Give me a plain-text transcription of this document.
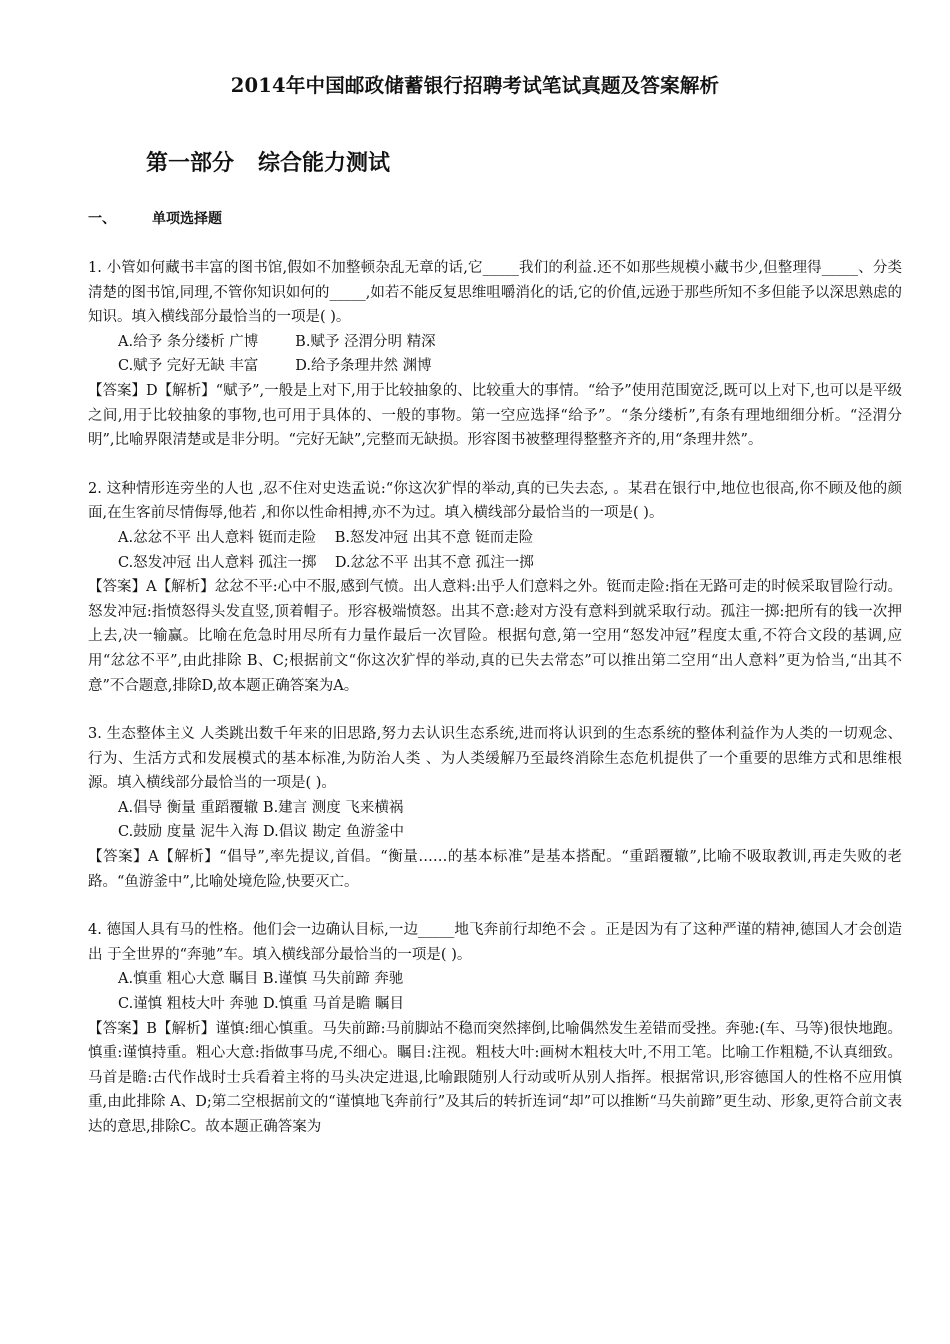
2014年中国邮政储蓄银行招聘考试笔试真题及答案解析
第一部分 综合能力测试
一、	单项选择题

1. 小管如何藏书丰富的图书馆,假如不加整顿杂乱无章的话,它_____我们的利益.还不如那些规模小藏书少,但整理得_____、分类清楚的图书馆,同理,不管你知识如何的_____,如若不能反复思维咀嚼消化的话,它的价值,远逊于那些所知不多但能予以深思熟虑的知识。填入横线部分最恰当的一项是( )。

A.给予 条分缕析 广博        B.赋予 泾渭分明 精深

C.赋予 完好无缺 丰富        D.给予条理井然 渊博

【答案】D【解析】“赋予”,一般是上对下,用于比较抽象的、比较重大的事情。“给予”使用范围宽泛,既可以上对下,也可以是平级之间,用于比较抽象的事物,也可用于具体的、一般的事物。第一空应选择“给予”。“条分缕析”,有条有理地细细分析。“泾渭分明”,比喻界限清楚或是非分明。“完好无缺”,完整而无缺损。形容图书被整理得整整齐齐的,用“条理井然”。

2. 这种情形连旁坐的人也 ,忍不住对史迭孟说:“你这次犷悍的举动,真的已失去态, 。某君在银行中,地位也很高,你不顾及他的颜面,在生客前尽情侮辱,他若 ,和你以性命相搏,亦不为过。填入横线部分最恰当的一项是( )。

A.忿忿不平 出人意料 铤而走险    B.怒发冲冠 出其不意 铤而走险

C.怒发冲冠 出人意料 孤注一掷    D.忿忿不平 出其不意 孤注一掷

【答案】A【解析】忿忿不平:心中不服,感到气愤。出人意料:出乎人们意料之外。铤而走险:指在无路可走的时候采取冒险行动。怒发冲冠:指愤怒得头发直竖,顶着帽子。形容极端愤怒。出其不意:趁对方没有意料到就采取行动。孤注一掷:把所有的钱一次押上去,决一输赢。比喻在危急时用尽所有力量作最后一次冒险。根据句意,第一空用“怒发冲冠”程度太重,不符合文段的基调,应用“忿忿不平”,由此排除 B、C;根据前文“你这次犷悍的举动,真的已失去常态”可以推出第二空用“出人意料”更为恰当,“出其不意”不合题意,排除D,故本题正确答案为A。

3. 生态整体主义 人类跳出数千年来的旧思路,努力去认识生态系统,进而将认识到的生态系统的整体利益作为人类的一切观念、行为、生活方式和发展模式的基本标准,为防治人类 、为人类缓解乃至最终消除生态危机提供了一个重要的思维方式和思维根源。填入横线部分最恰当的一项是( )。

A.倡导 衡量 重蹈覆辙 B.建言 测度 飞来横祸

C.鼓励 度量 泥牛入海 D.倡议 勘定 鱼游釜中

【答案】A【解析】“倡导”,率先提议,首倡。“衡量……的基本标准”是基本搭配。“重蹈覆辙”,比喻不吸取教训,再走失败的老路。“鱼游釜中”,比喻处境危险,快要灭亡。

4. 德国人具有马的性格。他们会一边确认目标,一边_____地飞奔前行却绝不会 。正是因为有了这种严谨的精神,德国人才会创造出 于全世界的“奔驰”车。填入横线部分最恰当的一项是( )。

A.慎重 粗心大意 瞩目 B.谨慎 马失前蹄 奔驰

C.谨慎 粗枝大叶 奔驰 D.慎重 马首是瞻 瞩目

【答案】B【解析】谨慎:细心慎重。马失前蹄:马前脚站不稳而突然摔倒,比喻偶然发生差错而受挫。奔驰:(车、马等)很快地跑。慎重:谨慎持重。粗心大意:指做事马虎,不细心。瞩目:注视。粗枝大叶:画树木粗枝大叶,不用工笔。比喻工作粗糙,不认真细致。马首是瞻:古代作战时士兵看着主将的马头决定进退,比喻跟随别人行动或听从别人指挥。根据常识,形容德国人的性格不应用慎重,由此排除 A、D;第二空根据前文的“谨慎地飞奔前行”及其后的转折连词“却”可以推断“马失前蹄”更生动、形象,更符合前文表达的意思,排除C。故本题正确答案为
